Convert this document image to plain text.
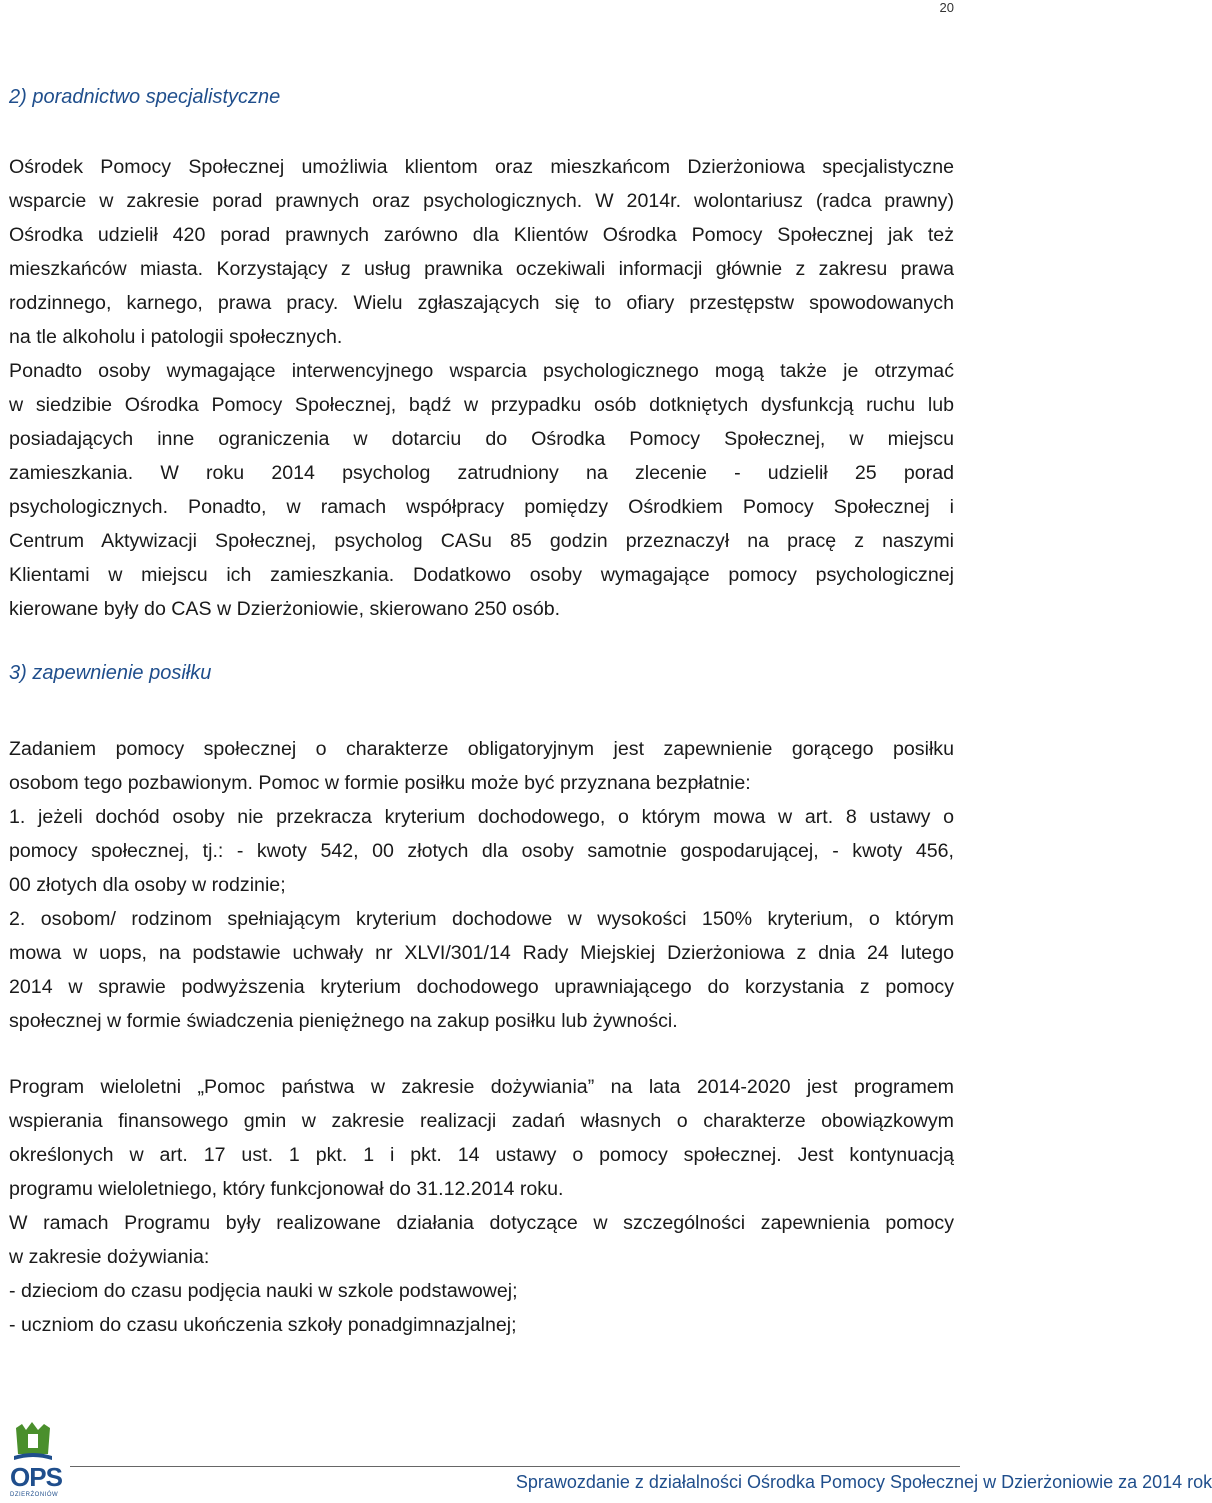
20
2) poradnictwo specjalistyczne
Ośrodek Pomocy Społecznej umożliwia klientom oraz mieszkańcom Dzierżoniowa specjalistyczne
wsparcie w zakresie porad prawnych oraz psychologicznych. W 2014r. wolontariusz (radca prawny)
Ośrodka udzielił 420 porad prawnych zarówno dla Klientów Ośrodka Pomocy Społecznej jak też
mieszkańców miasta. Korzystający z usług prawnika oczekiwali informacji głównie z zakresu prawa
rodzinnego, karnego, prawa pracy. Wielu zgłaszających się to ofiary przestępstw spowodowanych
na tle alkoholu i patologii społecznych.
Ponadto osoby wymagające interwencyjnego wsparcia psychologicznego mogą także je otrzymać
w siedzibie Ośrodka Pomocy Społecznej, bądź w przypadku osób dotkniętych dysfunkcją ruchu lub
posiadających inne ograniczenia w dotarciu do Ośrodka Pomocy Społecznej, w miejscu
zamieszkania. W roku 2014 psycholog zatrudniony na zlecenie - udzielił 25 porad
psychologicznych. Ponadto, w ramach współpracy pomiędzy Ośrodkiem Pomocy Społecznej i
Centrum Aktywizacji Społecznej, psycholog CASu 85 godzin przeznaczył na pracę z naszymi
Klientami w miejscu ich zamieszkania. Dodatkowo osoby wymagające pomocy psychologicznej
kierowane były do CAS w Dzierżoniowie, skierowano 250 osób.
3) zapewnienie posiłku
Zadaniem pomocy społecznej o charakterze obligatoryjnym jest zapewnienie gorącego posiłku
osobom tego pozbawionym. Pomoc w formie posiłku może być przyznana bezpłatnie:
1. jeżeli dochód osoby nie przekracza kryterium dochodowego, o którym mowa w art. 8 ustawy o
pomocy społecznej, tj.: - kwoty 542, 00 złotych dla osoby samotnie gospodarującej, - kwoty 456,
00 złotych dla osoby w rodzinie;
2. osobom/ rodzinom spełniającym kryterium dochodowe w wysokości 150% kryterium, o którym
mowa w uops, na podstawie uchwały nr XLVI/301/14 Rady Miejskiej Dzierżoniowa z dnia 24 lutego
2014 w sprawie podwyższenia kryterium dochodowego uprawniającego do korzystania z pomocy
społecznej w formie świadczenia pieniężnego na zakup posiłku lub żywności.
Program wieloletni „Pomoc państwa w zakresie dożywiania” na lata 2014-2020 jest programem
wspierania finansowego gmin w zakresie realizacji zadań własnych o charakterze obowiązkowym
określonych w art. 17 ust. 1 pkt. 1 i pkt. 14 ustawy o pomocy społecznej. Jest kontynuacją
programu wieloletniego, który funkcjonował do 31.12.2014 roku.
W ramach Programu były realizowane działania dotyczące w szczególności zapewnienia pomocy
w zakresie dożywiania:
- dzieciom do czasu podjęcia nauki w szkole podstawowej;
- uczniom do czasu ukończenia szkoły ponadgimnazjalnej;
OPS
DZIERŻONIÓW
Sprawozdanie z działalności Ośrodka Pomocy Społecznej w Dzierżoniowie za 2014 rok
